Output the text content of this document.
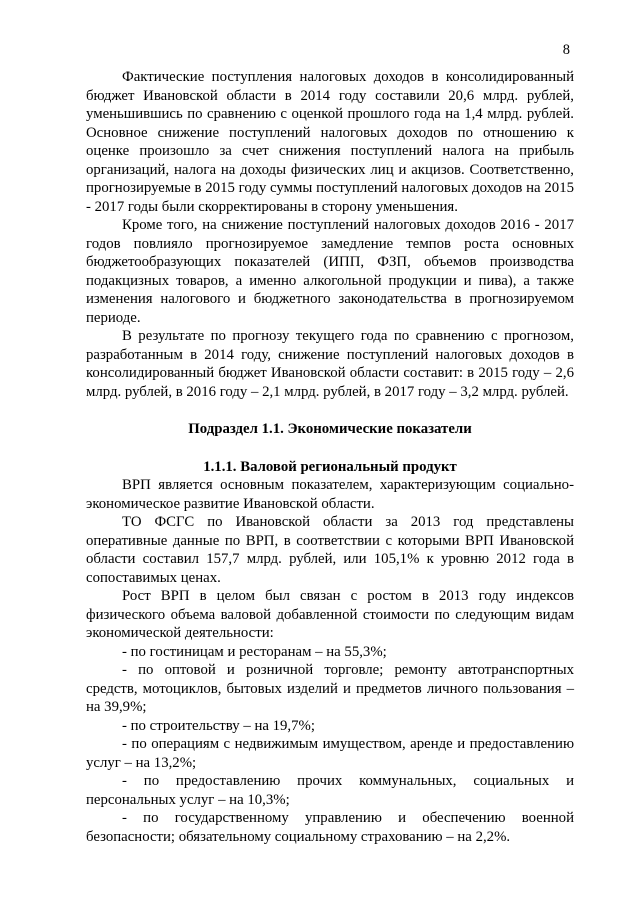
8

Фактические поступления налоговых доходов в консолидированный бюджет Ивановской области в 2014 году составили 20,6 млрд. рублей, уменьшившись по сравнению с оценкой прошлого года на 1,4 млрд. рублей. Основное снижение поступлений налоговых доходов по отношению к оценке произошло за счет снижения поступлений налога на прибыль организаций, налога на доходы физических лиц и акцизов. Соответственно, прогнозируемые в 2015 году суммы поступлений налоговых доходов на 2015 - 2017 годы были скорректированы в сторону уменьшения.

Кроме того, на снижение поступлений налоговых доходов 2016 - 2017 годов повлияло прогнозируемое замедление темпов роста основных бюджетообразующих показателей (ИПП, ФЗП, объемов производства подакцизных товаров, а именно алкогольной продукции и пива), а также изменения налогового и бюджетного законодательства в прогнозируемом периоде.

В результате по прогнозу текущего года по сравнению с прогнозом, разработанным в 2014 году, снижение поступлений налоговых доходов в консолидированный бюджет Ивановской области составит: в 2015 году – 2,6 млрд. рублей, в 2016 году – 2,1 млрд. рублей, в 2017 году – 3,2 млрд. рублей.

Подраздел 1.1. Экономические показатели
1.1.1. Валовой региональный продукт

ВРП является основным показателем, характеризующим социально-экономическое развитие Ивановской области.

ТО ФСГС по Ивановской области за 2013 год представлены оперативные данные по ВРП, в соответствии с которыми ВРП Ивановской области составил 157,7 млрд. рублей, или 105,1% к уровню 2012 года в сопоставимых ценах.

Рост ВРП в целом был связан с ростом в 2013 году индексов физического объема валовой добавленной стоимости по следующим видам экономической деятельности:

- по гостиницам и ресторанам – на 55,3%;

- по оптовой и розничной торговле; ремонту автотранспортных средств, мотоциклов, бытовых изделий и предметов личного пользования – на 39,9%;

- по строительству – на 19,7%;

- по операциям с недвижимым имуществом, аренде и предоставлению услуг – на 13,2%;

- по предоставлению прочих коммунальных, социальных и персональных услуг – на 10,3%;

- по государственному управлению и обеспечению военной безопасности; обязательному социальному страхованию – на 2,2%.
